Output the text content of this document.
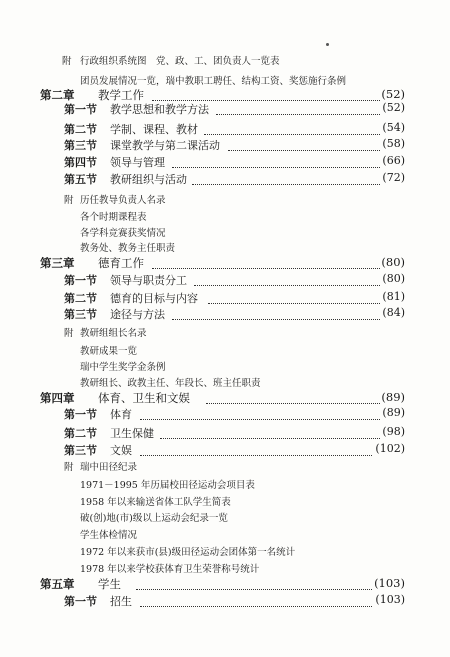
附 行政组织系统图　党、政、工、团负责人一览表
团员发展情况一览，瑞中教职工聘任、结构工资、奖惩施行条例
第二章 教学工作	(52)
第一节 教学思想和教学方法	(52)
第二节 学制、课程、教材	(54)
第三节 课堂教学与第二课活动	(58)
第四节 领导与管理	(66)
第五节 教研组织与活动	(72)
附 历任教导负责人名录
各个时期课程表
各学科竞赛获奖情况
教务处、教务主任职责
第三章 德育工作	(80)
第一节 领导与职责分工	(80)
第二节 德育的目标与内容	(81)
第三节 途径与方法	(84)
附 教研组组长名录
教研成果一览
瑞中学生奖学金条例
教研组长、政教主任、年段长、班主任职责
第四章 体育、卫生和文娱	(89)
第一节 体育	(89)
第二节 卫生保健	(98)
第三节 文娱	(102)
附 瑞中田径纪录
1971－1995 年历届校田径运动会项目表
1958 年以来输送省体工队学生简表
破(创)地(市)级以上运动会纪录一览
学生体检情况
1972 年以来获市(县)级田径运动会团体第一名统计
1978 年以来学校获体育卫生荣誉称号统计
第五章 学生	(103)
第一节 招生	(103)
